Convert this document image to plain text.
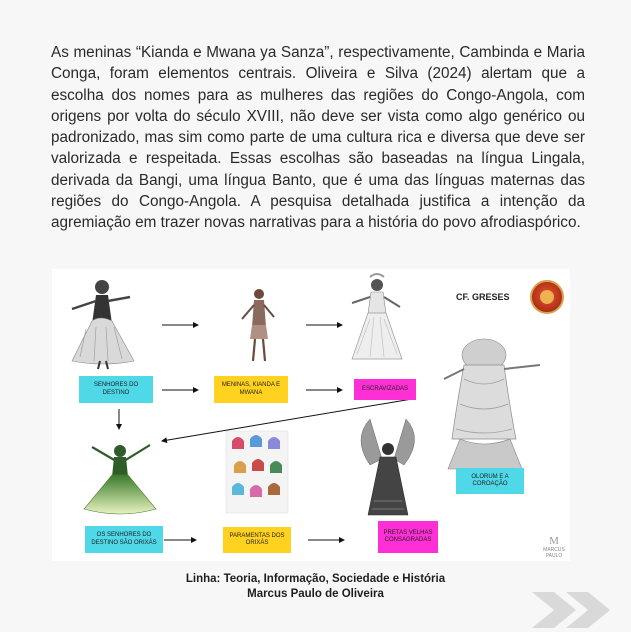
As meninas “Kianda e Mwana ya Sanza”, respectivamente, Cambinda e Maria Conga, foram elementos centrais. Oliveira e Silva (2024) alertam que a escolha dos nomes para as mulheres das regiões do Congo-Angola, com origens por volta do século XVIII, não deve ser vista como algo genérico ou padronizado, mas sim como parte de uma cultura rica e diversa que deve ser valorizada e respeitada. Essas escolhas são baseadas na língua Lingala, derivada da Bangi, uma língua Banto, que é uma das línguas maternas das regiões do Congo-Angola. A pesquisa detalhada justifica a intenção da agremiação em trazer novas narrativas para a história do povo afrodiaspórico.

CF. GRESES
SENHORES DO DESTINO
MENINAS, KIANDA E MWANA
ESCRAVIZADAS
OLORUM E A COROAÇÃO
OS SENHORES DO DESTINO SÃO ORIXÁS
PARAMENTAS DOS ORIXÁS
PRETAS VELHAS CONSAGRADAS	M
MARCUS PAULO
Linha: Teoria, Informação, Sociedade e História
Marcus Paulo de Oliveira
